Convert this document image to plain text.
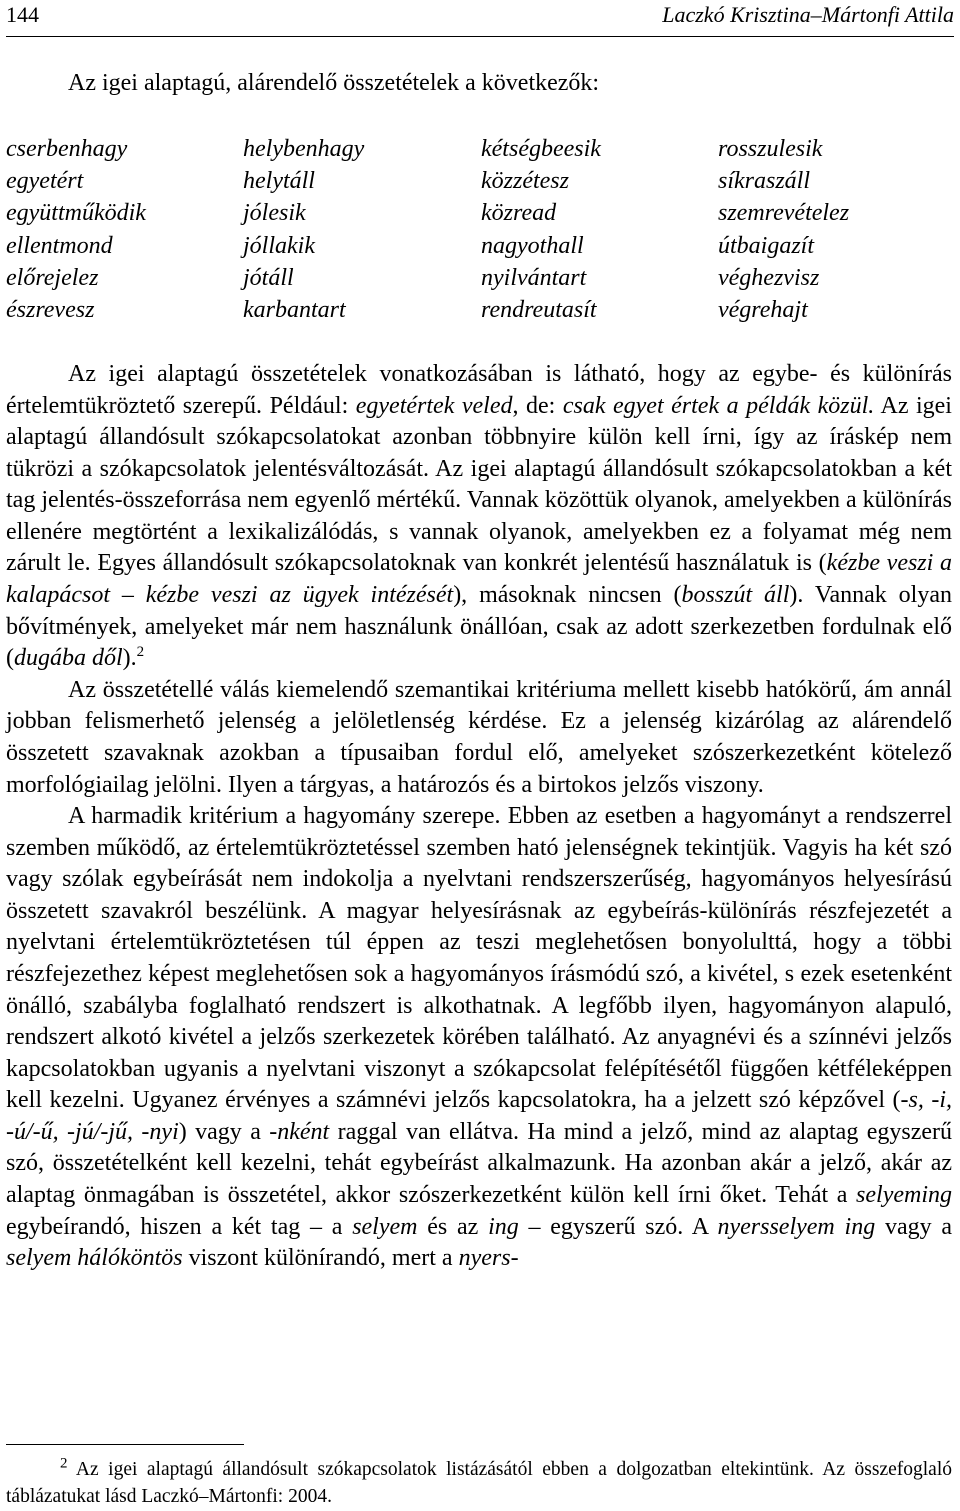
144	Laczkó Krisztina–Mártonfi Attila
Az igei alaptagú, alárendelő összetételek a következők:
cserbenhagy
egyetért
együttműködik
ellentmond
előrejelez
észrevesz
helybenhagy
helytáll
jólesik
jóllakik
jótáll
karbantart
kétségbeesik
közzétesz
közread
nagyothall
nyilvántart
rendreutasít
rosszulesik
síkraszáll
szemrevételez
útbaigazít
véghezvisz
végrehajt

Az igei alaptagú összetételek vonatkozásában is látható, hogy az egybe- és különírás értelemtükröztető szerepű. Például: egyetértek veled, de: csak egyet értek a példák közül. Az igei alaptagú állandósult szókapcsolatokat azonban többnyire külön kell írni, így az íráskép nem tükrözi a szókapcsolatok jelentésváltozását. Az igei alaptagú állandósult szókapcsolatokban a két tag jelentés-összeforrása nem egyenlő mértékű. Vannak közöttük olyanok, amelyekben a különírás ellenére megtörtént a lexikalizálódás, s vannak olyanok, amelyekben ez a folyamat még nem zárult le. Egyes állandósult szókapcsolatoknak van konkrét jelentésű használatuk is (kézbe veszi a kalapácsot – kézbe veszi az ügyek intézését), másoknak nincsen (bosszút áll). Vannak olyan bővítmények, amelyeket már nem használunk önállóan, csak az adott szerkezetben fordulnak elő (dugába dől).$^2$

Az összetétellé válás kiemelendő szemantikai kritériuma mellett kisebb hatókörű, ám annál jobban felismerhető jelenség a jelöletlenség kérdése. Ez a jelenség kizárólag az alárendelő összetett szavaknak azokban a típusaiban fordul elő, amelyeket szószerkezetként kötelező morfológiailag jelölni. Ilyen a tárgyas, a határozós és a birtokos jelzős viszony.

A harmadik kritérium a hagyomány szerepe. Ebben az esetben a hagyományt a rendszerrel szemben működő, az értelemtükröztetéssel szemben ható jelenségnek tekintjük. Vagyis ha két szó vagy szólak egybeírását nem indokolja a nyelvtani rendszerszerűség, hagyományos helyesírású összetett szavakról beszélünk. A magyar helyesírásnak az egybeírás-különírás részfejezetét a nyelvtani értelemtükröztetésen túl éppen az teszi meglehetősen bonyolulttá, hogy a többi részfejezethez képest meglehetősen sok a hagyományos írásmódú szó, a kivétel, s ezek esetenként önálló, szabályba foglalható rendszert is alkothatnak. A legfőbb ilyen, hagyományon alapuló, rendszert alkotó kivétel a jelzős szerkezetek körében található. Az anyagnévi és a színnévi jelzős kapcsolatokban ugyanis a nyelvtani viszonyt a szókapcsolat felépítésétől függően kétféleképpen kell kezelni. Ugyanez érvényes a számnévi jelzős kapcsolatokra, ha a jelzett szó képzővel (-s, -i, -ú/-ű, -jú/-jű, -nyi) vagy a -nként raggal van ellátva. Ha mind a jelző, mind az alaptag egyszerű szó, összetételként kell kezelni, tehát egybeírást alkalmazunk. Ha azonban akár a jelző, akár az alaptag önmagában is összetétel, akkor szószerkezetként külön kell írni őket. Tehát a selyeming egybeírandó, hiszen a két tag – a selyem és az ing – egyszerű szó. A nyersselyem ing vagy a selyem hálóköntös viszont különírandó, mert a nyers-

$^2$ Az igei alaptagú állandósult szókapcsolatok listázásától ebben a dolgozatban eltekintünk. Az összefoglaló táblázatukat lásd Laczkó–Mártonfi: 2004.
